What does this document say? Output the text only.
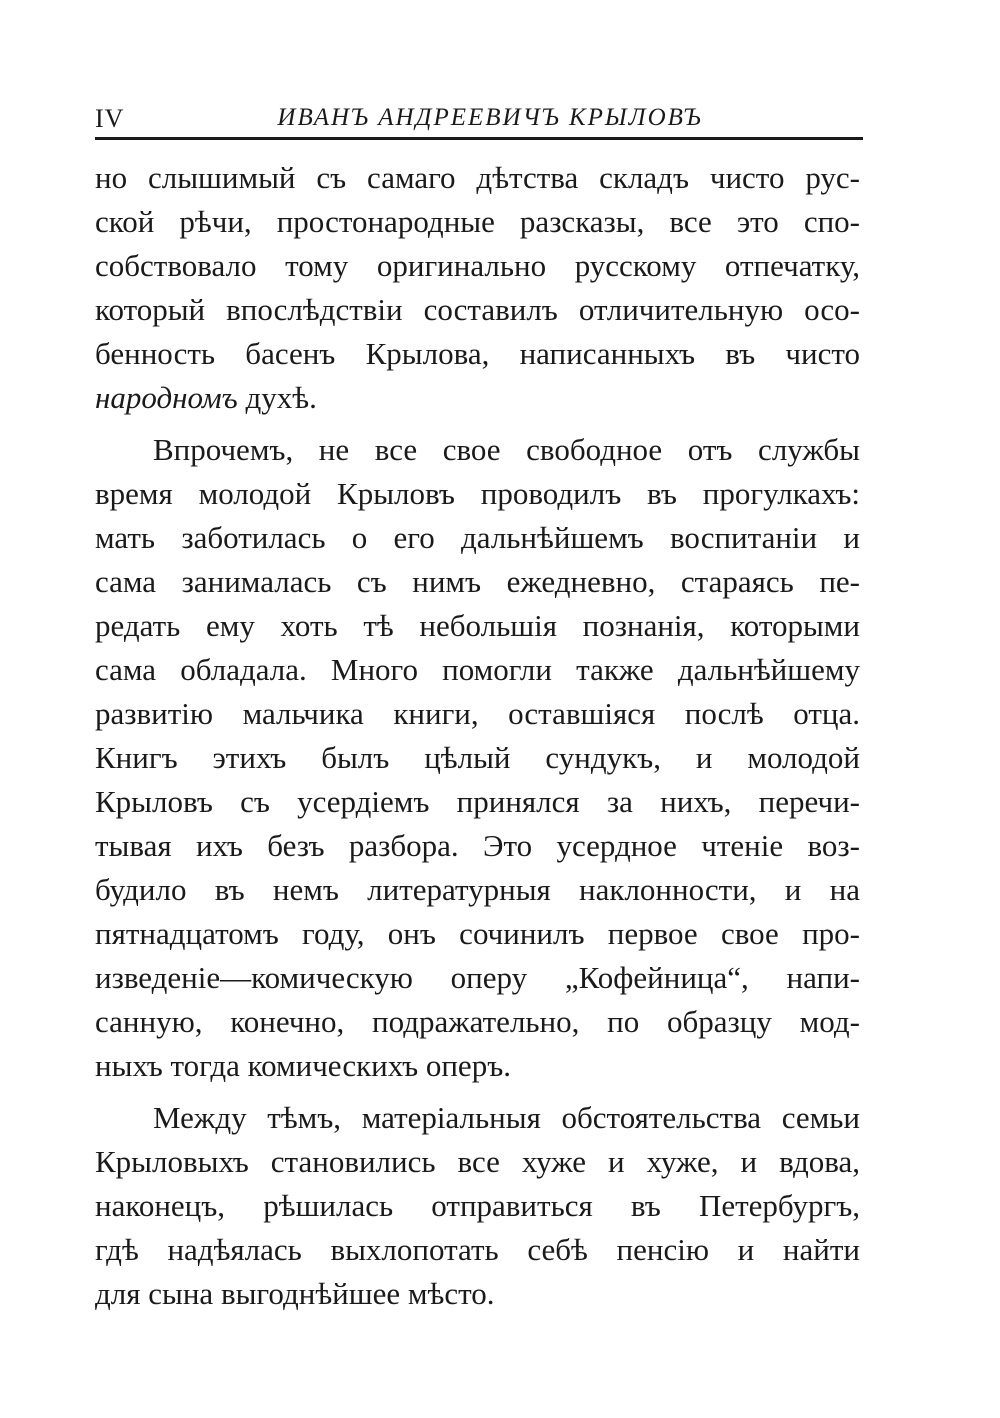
IV	ИВАНЪ АНДРЕЕВИЧЪ КРЫЛОВЪ
но слышимый съ самаго дѣтства складъ чисто рус-
ской рѣчи, простонародные разсказы, все это спо-
собствовало тому оригинально русскому отпечатку,
который впослѣдствіи составилъ отличительную осо-
бенность басенъ Крылова, написанныхъ въ чисто
народномъ духѣ.
Впрочемъ, не все свое свободное отъ службы
время молодой Крыловъ проводилъ въ прогулкахъ:
мать заботилась о его дальнѣйшемъ воспитаніи и
сама занималась съ нимъ ежедневно, стараясь пе-
редать ему хоть тѣ небольшія познанія, которыми
сама обладала. Много помогли также дальнѣйшему
развитію мальчика книги, оставшіяся послѣ отца.
Книгъ этихъ былъ цѣлый сундукъ, и молодой
Крыловъ съ усердіемъ принялся за нихъ, перечи-
тывая ихъ безъ разбора. Это усердное чтеніе воз-
будило въ немъ литературныя наклонности, и на
пятнадцатомъ году, онъ сочинилъ первое свое про-
изведеніе—комическую оперу „Кофейница“, напи-
санную, конечно, подражательно, по образцу мод-
ныхъ тогда комическихъ оперъ.
Между тѣмъ, матеріальныя обстоятельства семьи
Крыловыхъ становились все хуже и хуже, и вдова,
наконецъ, рѣшилась отправиться въ Петербургъ,
гдѣ надѣялась выхлопотать себѣ пенсію и найти
для сына выгоднѣйшее мѣсто.
